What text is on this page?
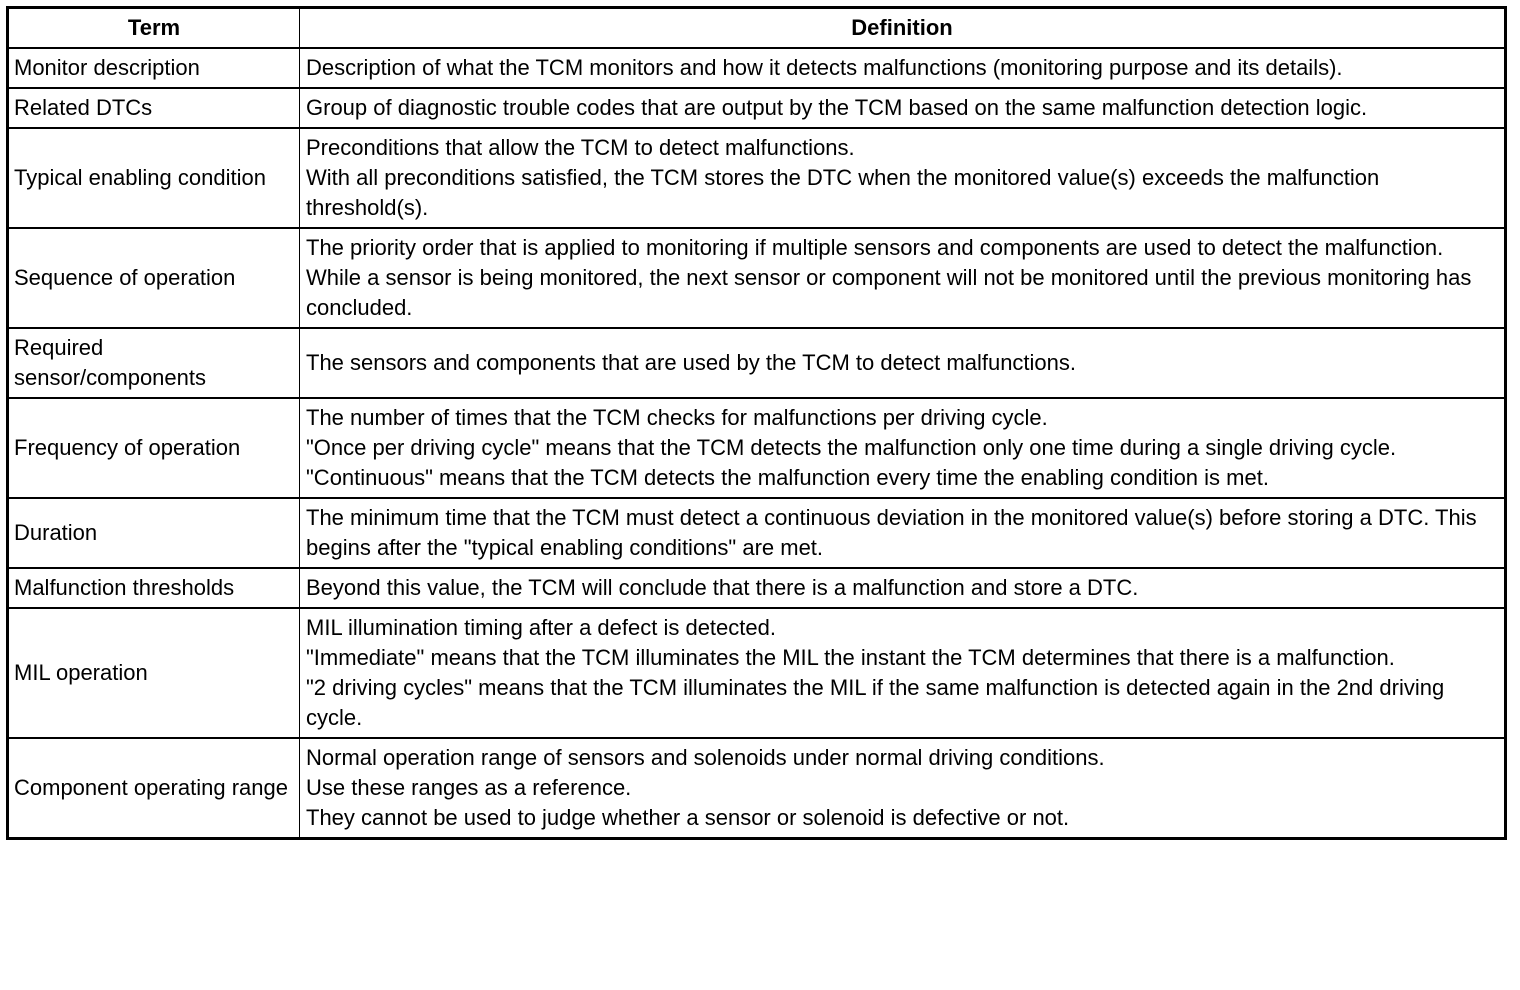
Term	Definition
Monitor description	Description of what the TCM monitors and how it detects malfunctions (monitoring purpose and its details).

Related DTCs	Group of diagnostic trouble codes that are output by the TCM based on the same malfunction detection logic.

Typical enabling condition	Preconditions that allow the TCM to detect malfunctions.
With all preconditions satisfied, the TCM stores the DTC when the monitored value(s) exceeds the malfunction threshold(s).

Sequence of operation	The priority order that is applied to monitoring if multiple sensors and components are used to detect the malfunction.
While a sensor is being monitored, the next sensor or component will not be monitored until the previous monitoring has concluded.

Required sensor/components	The sensors and components that are used by the TCM to detect malfunctions.

Frequency of operation	The number of times that the TCM checks for malfunctions per driving cycle.
"Once per driving cycle" means that the TCM detects the malfunction only one time during a single driving cycle.
"Continuous" means that the TCM detects the malfunction every time the enabling condition is met.

Duration	The minimum time that the TCM must detect a continuous deviation in the monitored value(s) before storing a DTC. This begins after the "typical enabling conditions" are met.

Malfunction thresholds	Beyond this value, the TCM will conclude that there is a malfunction and store a DTC.

MIL operation	MIL illumination timing after a defect is detected.
"Immediate" means that the TCM illuminates the MIL the instant the TCM determines that there is a malfunction.
"2 driving cycles" means that the TCM illuminates the MIL if the same malfunction is detected again in the 2nd driving cycle.

Component operating range	Normal operation range of sensors and solenoids under normal driving conditions.
Use these ranges as a reference.
They cannot be used to judge whether a sensor or solenoid is defective or not.
